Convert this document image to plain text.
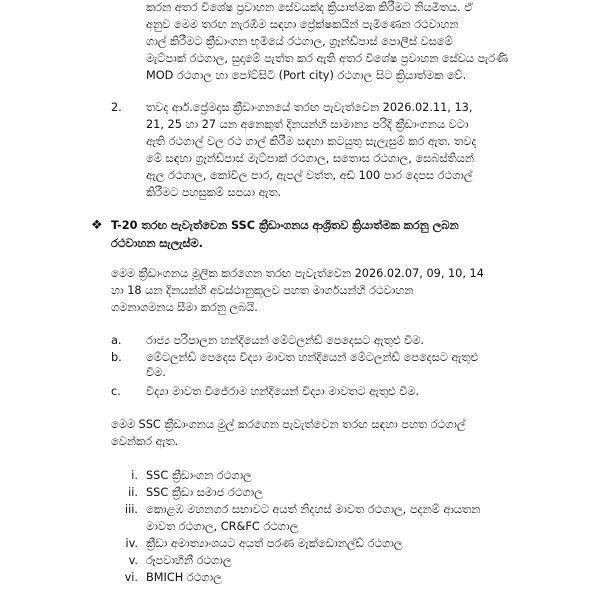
කරන අතර විශේෂ ප්‍රවාහන සේවයක්ද ක්‍රියාත්මක කිරීමට නියමිතය. ඒ
අනුව මෙම තරඟ නැරඹීම සඳහා ප්‍රේක්ෂකයින් පැමිණෙන රථවාහන
ගාල් කිරීමට ක්‍රීඩාංගන භූමියේ රථගාල, ග්‍රෑන්ඩ්පාස් පොලිස් වසමේ
මැට්පාක් රථගාල, සුදාමේ පැත්ත කර ඇති අතර විශේෂ ප්‍රවාහන සේවය පැරණි
MOD රථගාල හා පෝට්සිටි (Port city) රථගාල සිට ක්‍රියාත්මක වේ.
2. තවද ආර්.ප්‍රේමදාස ක්‍රීඩාංගනයේ තරඟ පැවැත්වෙන 2026.02.11, 13,
21, 25 හා 27 යන අනෙකුත් දිනයන්හි සාමාන්‍ය පරිදි ක්‍රීඩාංගනය වටා
ඇති රථගාල් වල රථ ගාල් කිරීම සඳහා කටයුතු සැලැසුම් කර ඇත. තවද
මේ සඳහා ග්‍රෑන්ඩ්පාස් මැට්පාක් රථගාල, සතොස රථගාල, සෙබස්තියන්
ඇල රථගාල, කෝවිල පාර, ඇපල් වත්ත, අඩි 100 පාර දෙපස රථගාල්
කිරීමට පහසුකම් සපයා ඇත.
❖ T-20 තරඟ පැවැත්වෙන SSC ක්‍රීඩාංගනය ආශ්‍රිතව ක්‍රියාත්මක කරනු ලබන
රථවාහන සැලැස්ම.
මෙම ක්‍රීඩාංගනය මූලික කරගෙන තරඟ පැවැත්වෙන 2026.02.07, 09, 10, 14
හා 18 යන දිනයන්හි අවස්ථානුකූලව පහත මාර්ගයන්හි රථවාහන
ගමනාගමනය සීමා කරනු ලබයි.
a. රාජ්‍ය පරිපාලන හන්දියෙන් මේටලන්ඩ් පෙදෙසට ඇතුළු වීම.
b. මේටලන්ඩ් පෙදෙස විද්‍යා මාවත හන්දියෙන් මේටලන්ඩ් පෙදෙසට ඇතුළු
වීම.
c. විද්‍යා මාවත විජේරාම හන්දියෙන් විද්‍යා මාවතට ඇතුළු වීම.
මෙම SSC ක්‍රීඩාංගනය මුල් කරගෙන පැවැත්වෙන තරඟ සඳහා පහත රථගාල්
වෙන්කර ඇත.
i. SSC ක්‍රීඩාංගන රථගාල
ii. SSC ක්‍රීඩා සමාජ රථගාල
iii. කොළඹ මහනගර සභාවට අයත් නිදහස් මාවත රථගාල, පදනම් ආයතන
මාවත රථගාල, CR&FC රථගාල
iv. ක්‍රීඩා අමාත්‍යාංශයට අයත් පරණ මැක්ඩොනල්ඩ් රථගාල
v. රූපවාහිනී රථගාල
vi. BMICH රථගාල
